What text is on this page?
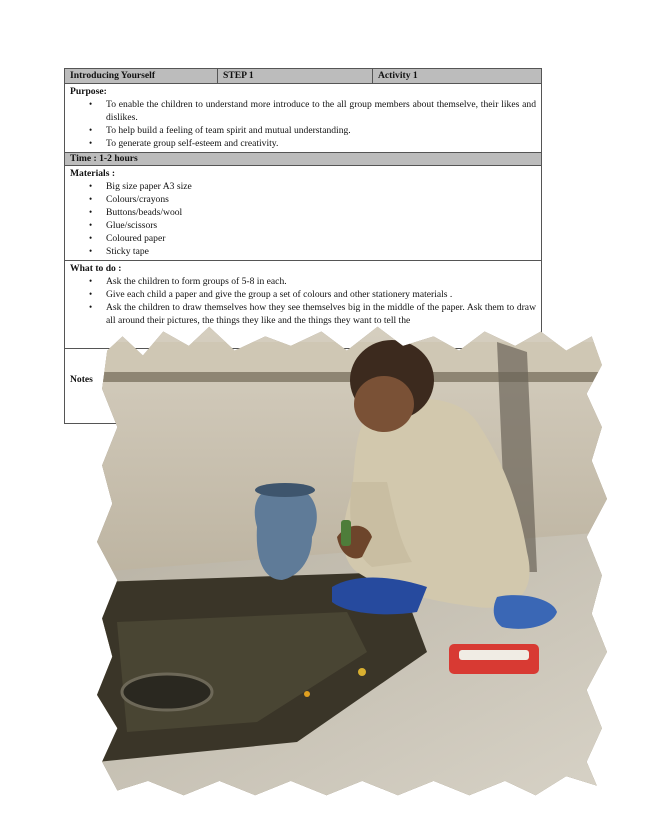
Introducing Yourself	STEP 1	Activity 1
Purpose:
• To enable the children to understand more introduce to the all group members about themselve, their likes and dislikes.
• To help build a feeling of team spirit and mutual understanding.
• To generate group self-esteem and creativity.
Time : 1-2 hours
Materials :
• Big size paper A3 size
• Colours/crayons
• Buttons/beads/wool
• Glue/scissors
• Coloured paper
• Sticky tape
What to do :
• Ask the children to form groups of 5-8 in each.
• Give each child a paper and give the group a set of colours and other stationery materials .
• Ask the children to draw themselves how they see themselves big in the middle of the paper. Ask them to draw all around their pictures, the things they like and the things they want to tell the
Notes
